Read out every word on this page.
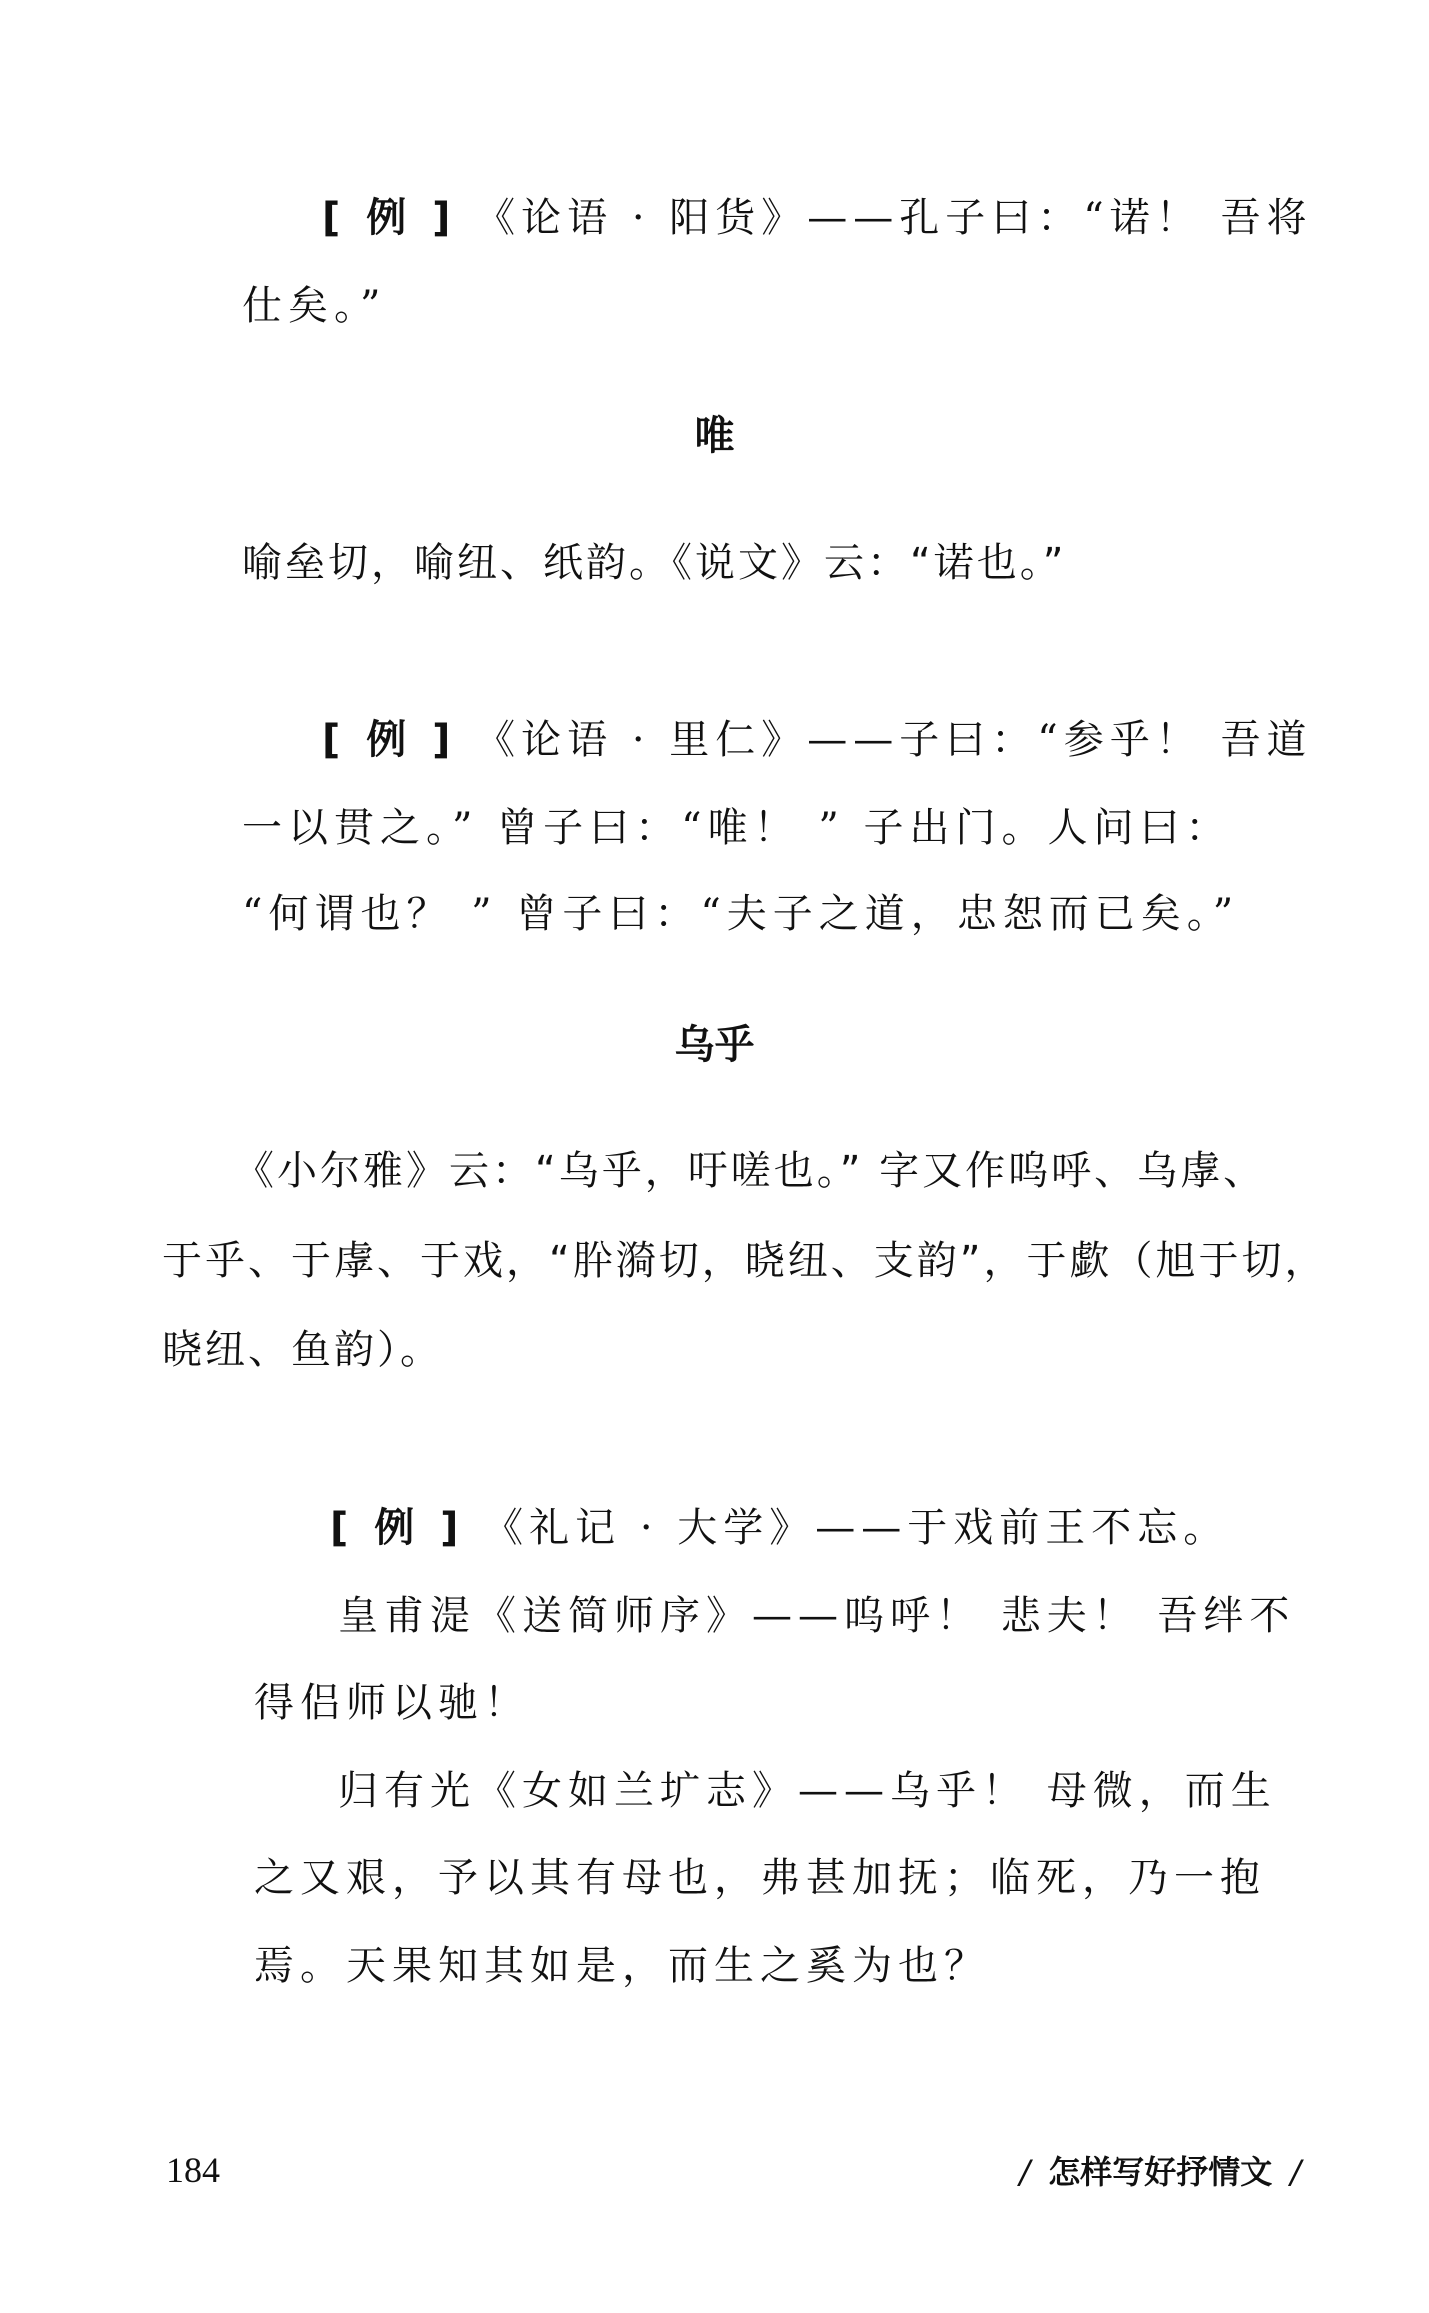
[ 例 ] 《论语 · 阳货》——孔子曰：“诺！ 吾将
仕矣。”
唯
喻垒切，喻纽、纸韵。《说文》云：“诺也。”
[ 例 ] 《论语 · 里仁》——子曰：“参乎！ 吾道
一以贯之。” 曾子曰：“唯！ ” 子出门。人问曰：
“何谓也？ ” 曾子曰：“夫子之道，忠恕而已矣。”
乌乎
《小尔雅》云：“乌乎，吁嗟也。” 字又作呜呼、乌虖、
于乎、于虖、于戏，“肸漪切，晓纽、支韵”，于歔（旭于切，
晓纽、鱼韵）。
[ 例 ] 《礼记 · 大学》——于戏前王不忘。
皇甫湜《送简师序》——呜呼！ 悲夫！ 吾绊不
得侣师以驰！
归有光《女如兰圹志》——乌乎！ 母微，而生
之又艰，予以其有母也，弗甚加抚；临死，乃一抱
焉。天果知其如是，而生之奚为也？
184	/ 怎样写好抒情文 /
